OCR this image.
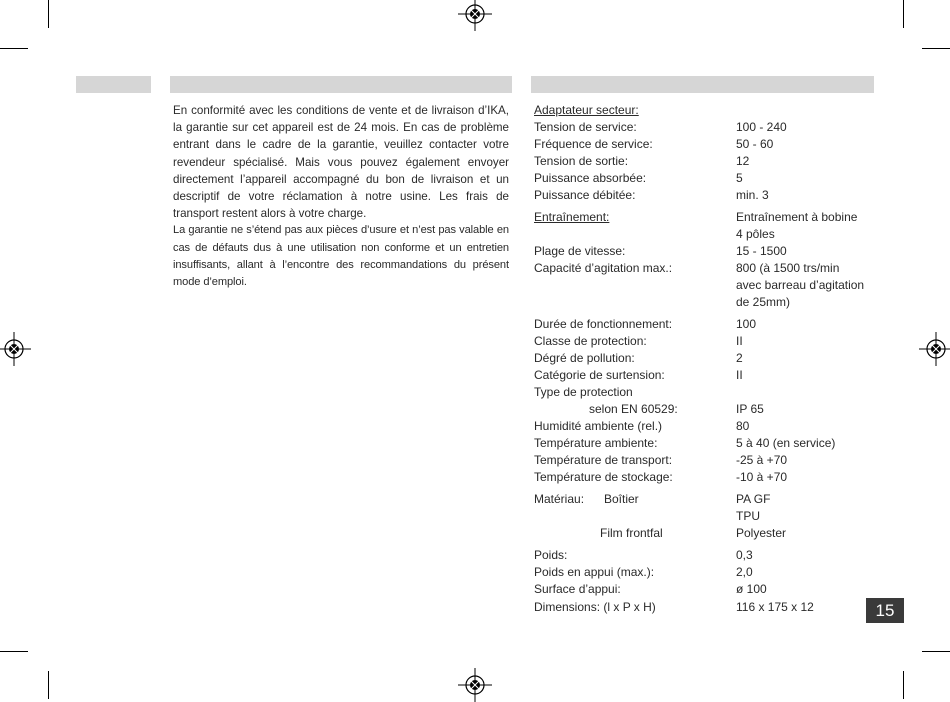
En conformité avec les conditions de vente et de livraison d’IKA, la garantie sur cet appareil est de 24 mois. En cas de problème entrant dans le cadre de la garantie, veuillez contacter votre revendeur spécialisé. Mais vous pouvez également envoyer directement l’appareil accompagné du bon de livraison et un descriptif de votre réclamation à notre usine. Les frais de transport restent alors à votre charge.

La garantie ne s’étend pas aux pièces d’usure et n’est pas valable en cas de défauts dus à une utilisation non conforme et un entretien insuffisants, allant à l’encontre des recommandations du présent mode d’emploi.

Adaptateur secteur:
Tension de service:	100 - 240
Fréquence de service:	50 - 60
Tension de sortie:	12
Puissance absorbée:	5
Puissance débitée:	min. 3
Entraînement:	Entraînement à bobine
4 pôles
Plage de vitesse:	15 - 1500
Capacité d’agitation max.:	800 (à 1500 trs/min
avec barreau d’agitation
de 25mm)
Durée de fonctionnement:	100
Classe de protection:	II
Dégré de pollution:	2
Catégorie de surtension:	II
Type de protection
selon EN 60529:	IP 65
Humidité ambiente (rel.)	80
Température ambiente:	5 à 40 (en service)
Température de transport:	-25 à +70
Température de stockage:	-10 à +70
Matériau: Boîtier	PA GF
TPU
Film frontfal	Polyester
Poids:	0,3
Poids en appui (max.):	2,0
Surface d’appui:	ø 100
Dimensions: (l x P x H)	116 x 175 x 12	15
